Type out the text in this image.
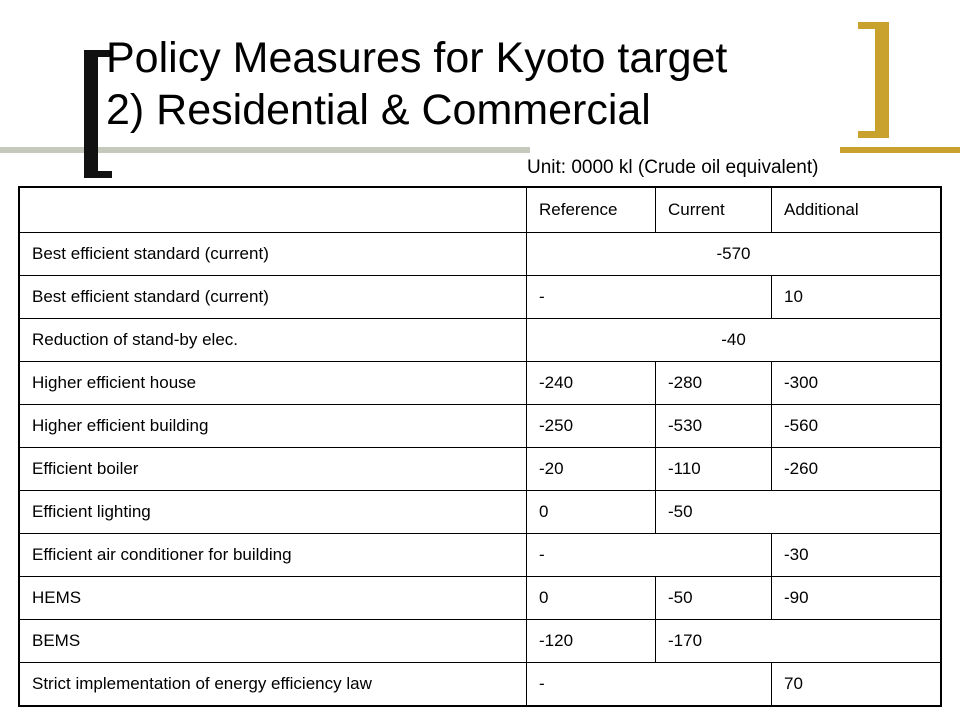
Policy Measures for Kyoto target
2) Residential & Commercial
Unit: 0000 kl (Crude oil equivalent)
	Reference	Current	Additional
Best efficient standard (current)	-570		
Best efficient standard (current)	-		10
Reduction of stand-by elec.	-40		
Higher efficient house	-240	-280	-300
Higher efficient building	-250	-530	-560
Efficient boiler	-20	-110	-260
Efficient lighting	0	-50	
Efficient air conditioner for building	-		-30
HEMS	0	-50	-90
BEMS	-120	-170	
Strict implementation of energy efficiency law	-		70
